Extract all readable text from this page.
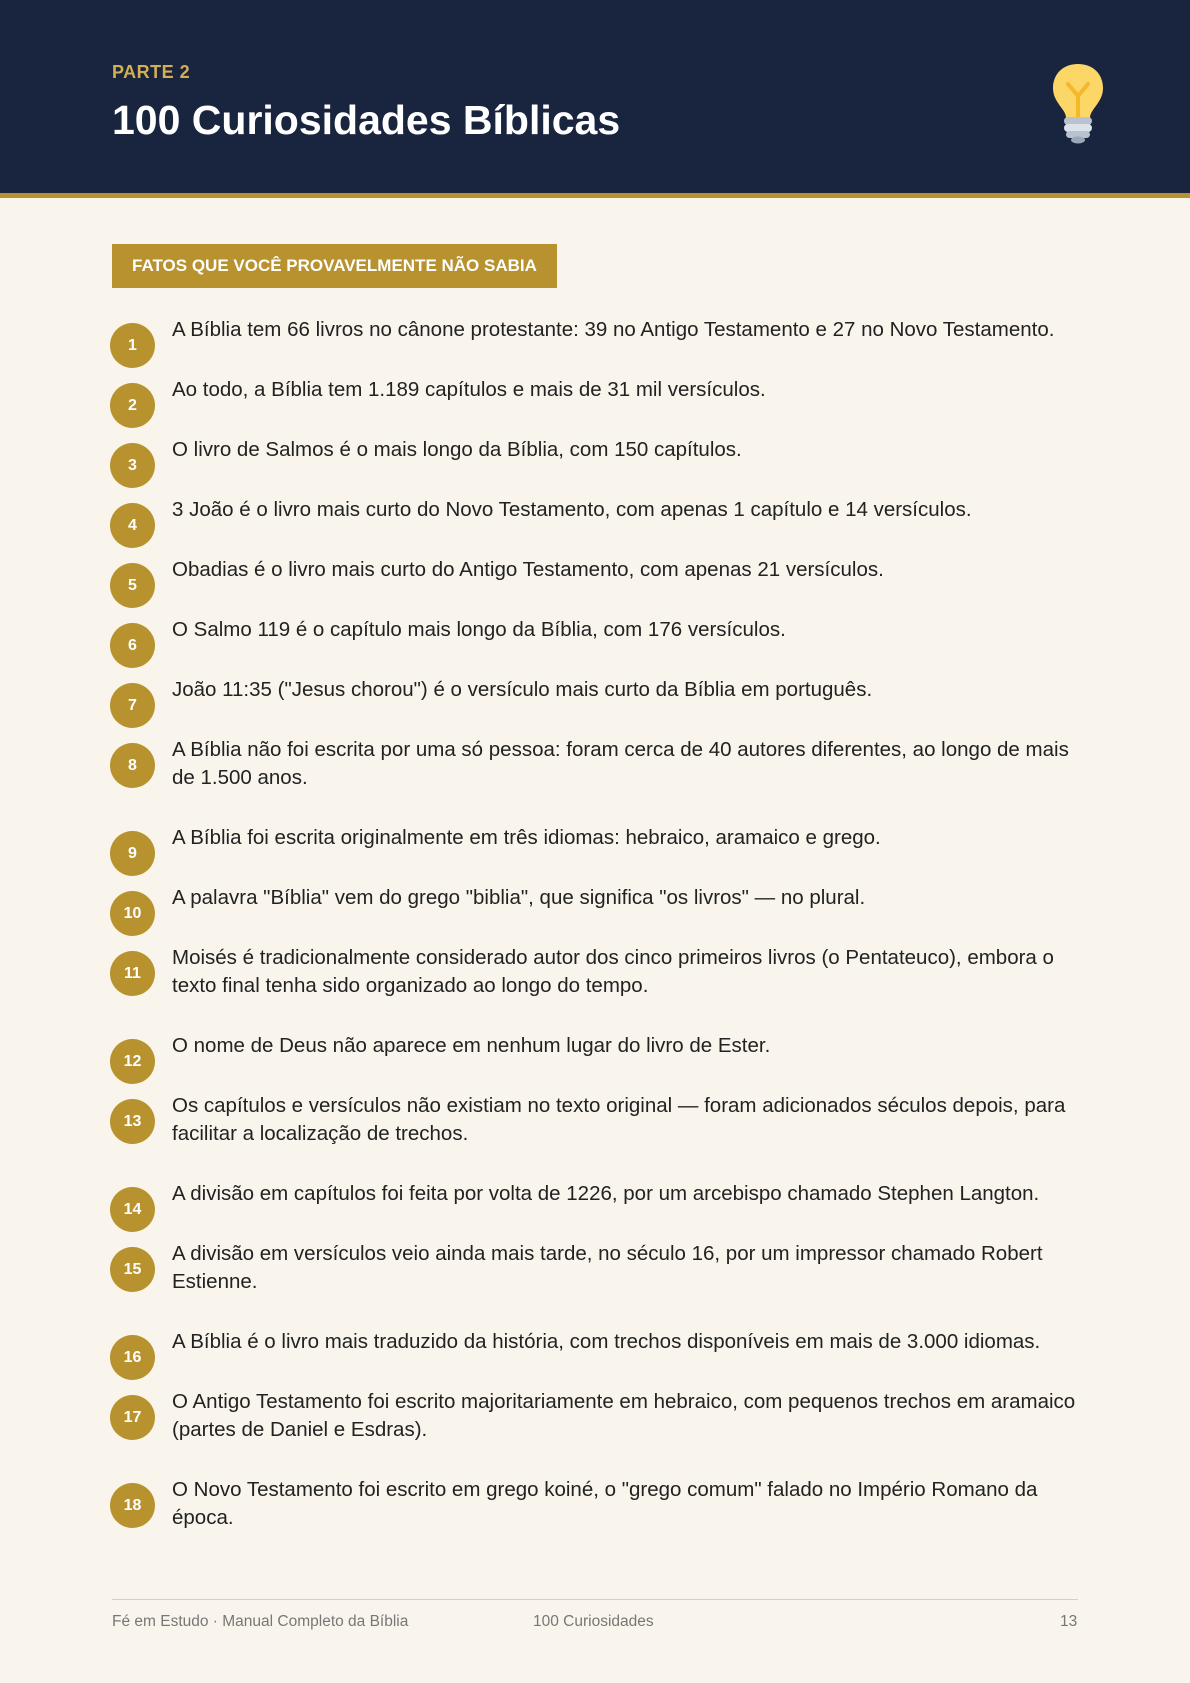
PARTE 2
100 Curiosidades Bíblicas
FATOS QUE VOCÊ PROVAVELMENTE NÃO SABIA
1
A Bíblia tem 66 livros no cânone protestante: 39 no Antigo Testamento e 27 no Novo Testamento.
2
Ao todo, a Bíblia tem 1.189 capítulos e mais de 31 mil versículos.
3
O livro de Salmos é o mais longo da Bíblia, com 150 capítulos.
4
3 João é o livro mais curto do Novo Testamento, com apenas 1 capítulo e 14 versículos.
5
Obadias é o livro mais curto do Antigo Testamento, com apenas 21 versículos.
6
O Salmo 119 é o capítulo mais longo da Bíblia, com 176 versículos.
7
João 11:35 ("Jesus chorou") é o versículo mais curto da Bíblia em português.
8
A Bíblia não foi escrita por uma só pessoa: foram cerca de 40 autores diferentes, ao longo de mais de 1.500 anos.
9
A Bíblia foi escrita originalmente em três idiomas: hebraico, aramaico e grego.
10
A palavra "Bíblia" vem do grego "biblia", que significa "os livros" — no plural.
11
Moisés é tradicionalmente considerado autor dos cinco primeiros livros (o Pentateuco), embora o texto final tenha sido organizado ao longo do tempo.
12
O nome de Deus não aparece em nenhum lugar do livro de Ester.
13
Os capítulos e versículos não existiam no texto original — foram adicionados séculos depois, para facilitar a localização de trechos.
14
A divisão em capítulos foi feita por volta de 1226, por um arcebispo chamado Stephen Langton.
15
A divisão em versículos veio ainda mais tarde, no século 16, por um impressor chamado Robert Estienne.
16
A Bíblia é o livro mais traduzido da história, com trechos disponíveis em mais de 3.000 idiomas.
17
O Antigo Testamento foi escrito majoritariamente em hebraico, com pequenos trechos em aramaico (partes de Daniel e Esdras).
18
O Novo Testamento foi escrito em grego koiné, o "grego comum" falado no Império Romano da época.
Fé em Estudo · Manual Completo da Bíblia	100 Curiosidades	13
